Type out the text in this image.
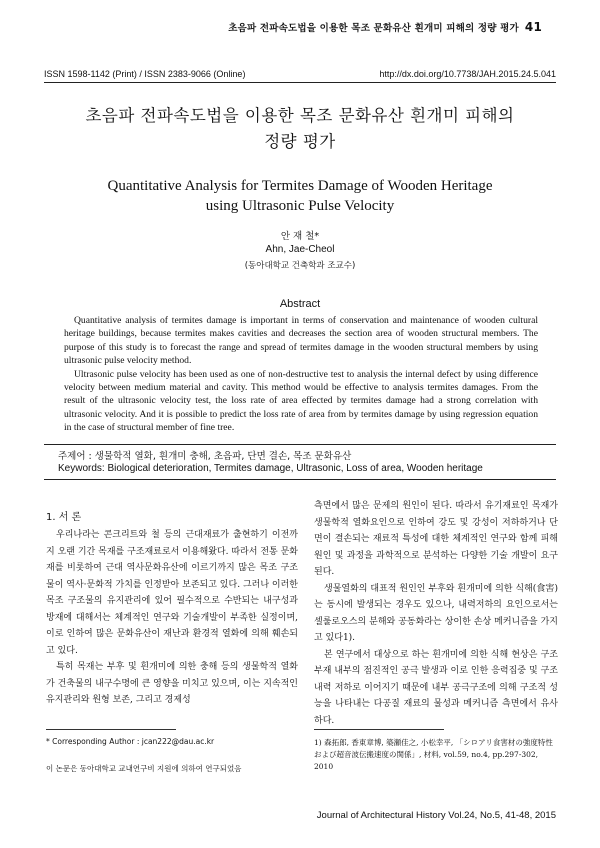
초음파 전파속도법을 이용한 목조 문화유산 흰개미 피해의 정량 평가 41
ISSN 1598-1142 (Print) / ISSN 2383-9066 (Online)	http://dx.doi.org/10.7738/JAH.2015.24.5.041
초음파 전파속도법을 이용한 목조 문화유산 흰개미 피해의
정량 평가
Quantitative Analysis for Termites Damage of Wooden Heritage
using Ultrasonic Pulse Velocity
안 재 철*
Ahn, Jae-Cheol
(동아대학교 건축학과 조교수)
Abstract

Quantitative analysis of termites damage is important in terms of conservation and maintenance of wooden cultural heritage buildings, because termites makes cavities and decreases the section area of wooden structural members. The purpose of this study is to forecast the range and spread of termites damage in the wooden structural members by using ultrasonic pulse velocity method.

Ultrasonic pulse velocity has been used as one of non-destructive test to analysis the internal defect by using difference velocity between medium material and cavity. This method would be effective to analysis termites damages. From the result of the ultrasonic velocity test, the loss rate of area effected by termites damage had a strong correlation with ultrasonic velocity. And it is possible to predict the loss rate of area from by termites damage by using regression equation in the case of structural member of fine tree.

주제어 : 생물학적 열화, 흰개미 충해, 초음파, 단면 결손, 목조 문화유산
Keywords: Biological deterioration, Termites damage, Ultrasonic, Loss of area, Wooden heritage
1. 서 론

우리나라는 콘크리트와 철 등의 근대재료가 출현하기 이전까지 오랜 기간 목재를 구조재료로서 이용해왔다. 따라서 전통 문화재를 비롯하여 근대 역사문화유산에 이르기까지 많은 목조 구조물이 역사·문화적 가치를 인정받아 보존되고 있다. 그러나 이러한 목조 구조물의 유지관리에 있어 필수적으로 수반되는 내구성과 방재에 대해서는 체계적인 연구와 기술개발이 부족한 실정이며, 이로 인하여 많은 문화유산이 재난과 환경적 열화에 의해 훼손되고 있다.

특히 목재는 부후 및 흰개미에 의한 충해 등의 생물학적 열화가 건축물의 내구수명에 큰 영향을 미치고 있으며, 이는 지속적인 유지관리와 원형 보존, 그리고 경제성

측면에서 많은 문제의 원인이 된다. 따라서 유기재료인 목재가 생물학적 열화요인으로 인하여 강도 및 강성이 저하하거나 단면이 결손되는 재료적 특성에 대한 체계적인 연구와 함께 피해 원인 및 과정을 과학적으로 분석하는 다양한 기술 개발이 요구된다.

생물열화의 대표적 원인인 부후와 흰개미에 의한 식해(食害)는 동시에 발생되는 경우도 있으나, 내력저하의 요인으로서는 셀룰로오스의 분해와 공동화라는 상이한 손상 메커니즘을 가지고 있다1).

본 연구에서 대상으로 하는 흰개미에 의한 식해 현상은 구조부재 내부의 점진적인 공극 발생과 이로 인한 응력집중 및 구조내력 저하로 이어지기 때문에 내부 공극구조에 의해 구조적 성능을 나타내는 다공질 재료의 물성과 메커니즘 측면에서 유사하다.

* Corresponding Author : jcan222@dau.ac.kr
이 논문은 동아대학교 교내연구비 지원에 의하여 연구되었음
1) 森拓郎, 香東章博, 築瀬佳之, 小松幸平, 「シロアリ食害材の強度特性および超音波伝搬速度の関係」, 材料, vol.59, no.4, pp.297-302, 2010
Journal of Architectural History Vol.24, No.5, 41-48, 2015
